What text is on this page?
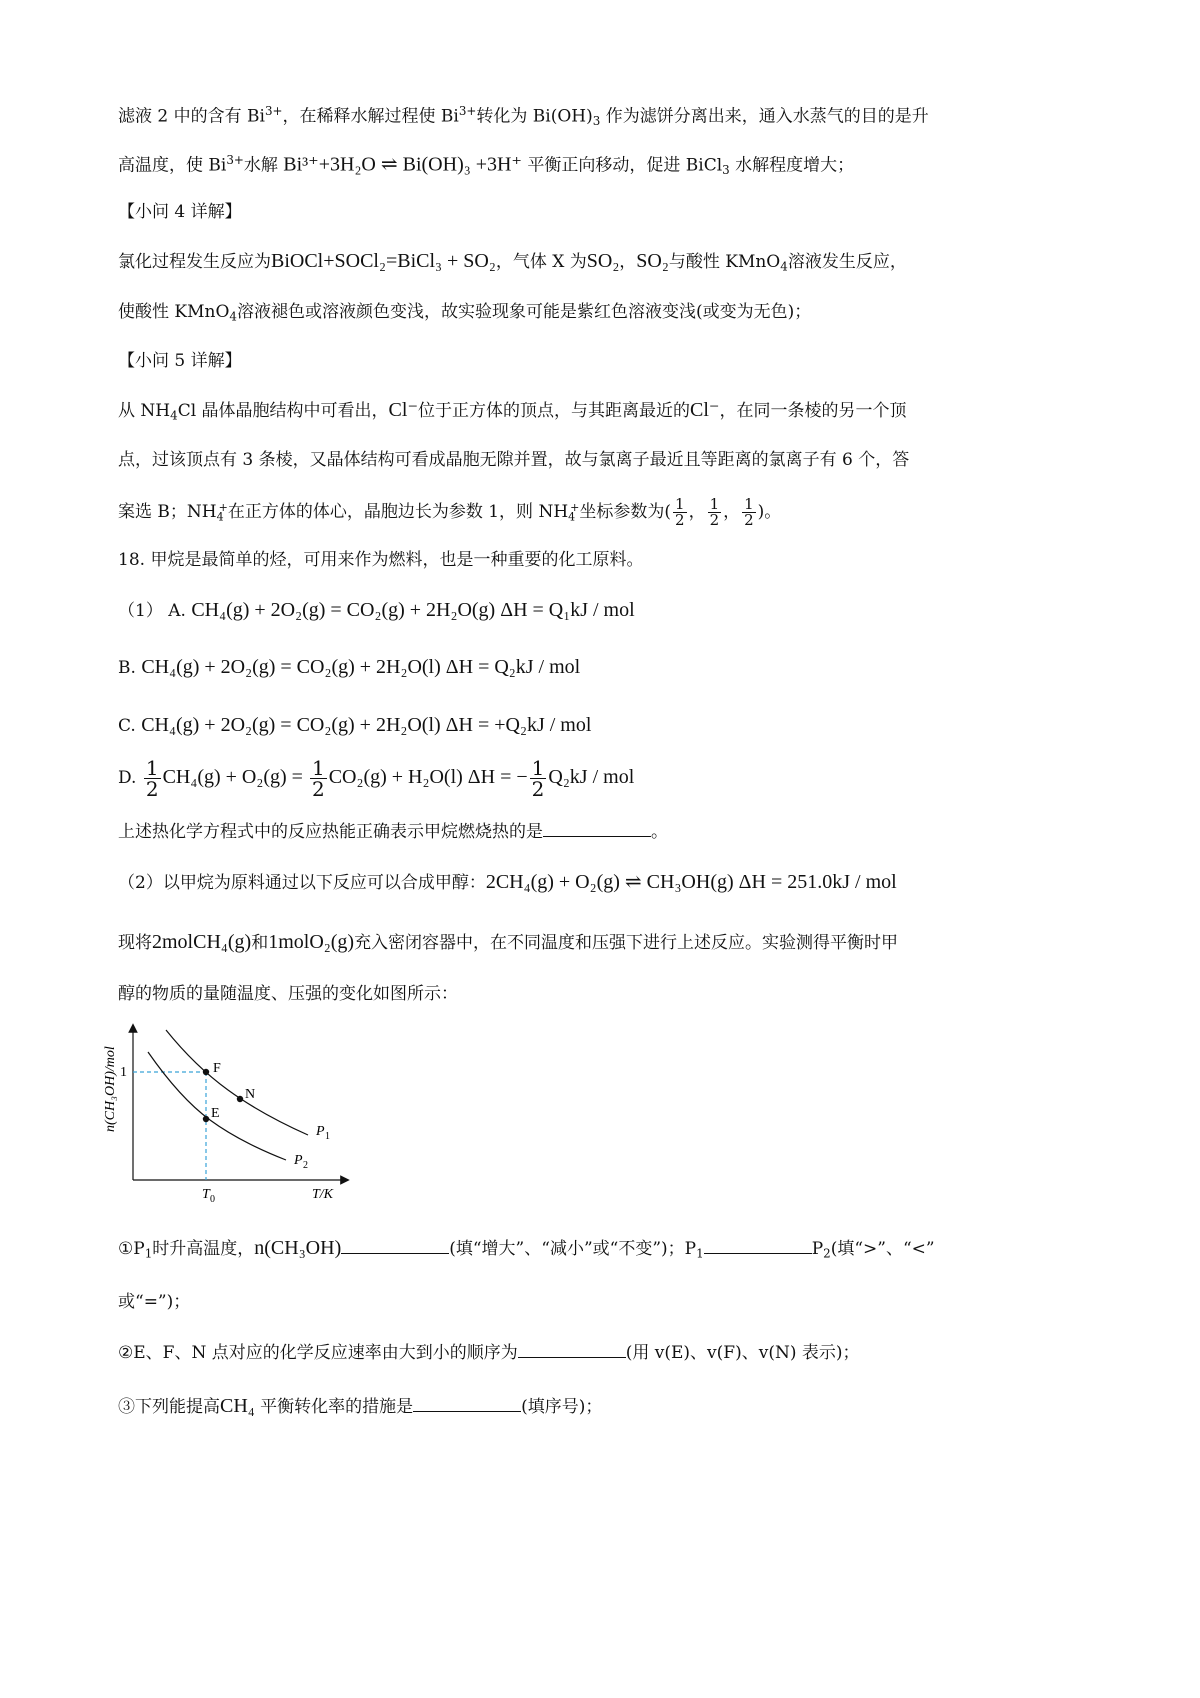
滤液 2 中的含有 $Bi^{3+}$，在稀释水解过程使 $Bi^{3+}$转化为 $Bi(OH)_3$ 作为滤饼分离出来，通入水蒸气的目的是升
高温度，使 $Bi^{3+}$水解 Bi³⁺+3H₂O ⇌ Bi(OH)₃ +3H⁺ 平衡正向移动，促进 BiCl$_3$ 水解程度增大；
【小问 4 详解】
氯化过程发生反应为BiOCl+SOCl₂=BiCl₃ + SO₂，气体 X 为SO₂，SO₂与酸性 KMnO$_4$溶液发生反应，
使酸性 KMnO$_4$溶液褪色或溶液颜色变浅，故实验现象可能是紫红色溶液变浅(或变为无色)；
【小问 5 详解】
从 $NH_4Cl$ 晶体晶胞结构中可看出，Cl⁻位于正方体的顶点，与其距离最近的Cl⁻，在同一条棱的另一个顶
点，过该顶点有 3 条棱，又晶体结构可看成晶胞无隙并置，故与氯离子最近且等距离的氯离子有 6 个，答
案选 B；$NH_4^+$在正方体的体心，晶胞边长为参数 1，则 $NH_4^+$坐标参数为( $\frac{1}{2}$ ， $\frac{1}{2}$ ， $\frac{1}{2}$ )。
18. 甲烷是最简单的烃，可用来作为燃料，也是一种重要的化工原料。
（1） A. CH₄(g) + 2O₂(g) = CO₂(g) + 2H₂O(g) ΔH = Q₁kJ / mol
B. CH₄(g) + 2O₂(g) = CO₂(g) + 2H₂O(l) ΔH = Q₂kJ / mol
C. CH₄(g) + 2O₂(g) = CO₂(g) + 2H₂O(l) ΔH = +Q₂kJ / mol
D. $\frac{1}{2} CH_4(g) + O_2(g) = \frac{1}{2} CO_2(g) + H_2O(l) \Delta H$ = − $\frac{1}{2} Q_2kJ$ / mol
上述热化学方程式中的反应热能正确表示甲烷燃烧热的是	。
（2）以甲烷为原料通过以下反应可以合成甲醇：2CH₄(g) + O₂(g) ⇌ CH₃OH(g) ΔH = 251.0kJ / mol
现将2molCH₄(g)和1molO₂(g)充入密闭容器中，在不同温度和压强下进行上述反应。实验测得平衡时甲
醇的物质的量随温度、压强的变化如图所示：
n(CH₃OH)/mol
T/K
1
T 0
F
N
E
P 1
P 2
$①P_1$时升高温度，n(CH₃OH)	(填“增大”、“减小”或“不变”)；$P_1$	$P_2$(填“>”、“<”
或“=”)；
②E、F、N 点对应的化学反应速率由大到小的顺序为	(用 v(E)、v(F)、v(N) 表示)；
③下列能提高CH₄ 平衡转化率的措施是	(填序号)；
